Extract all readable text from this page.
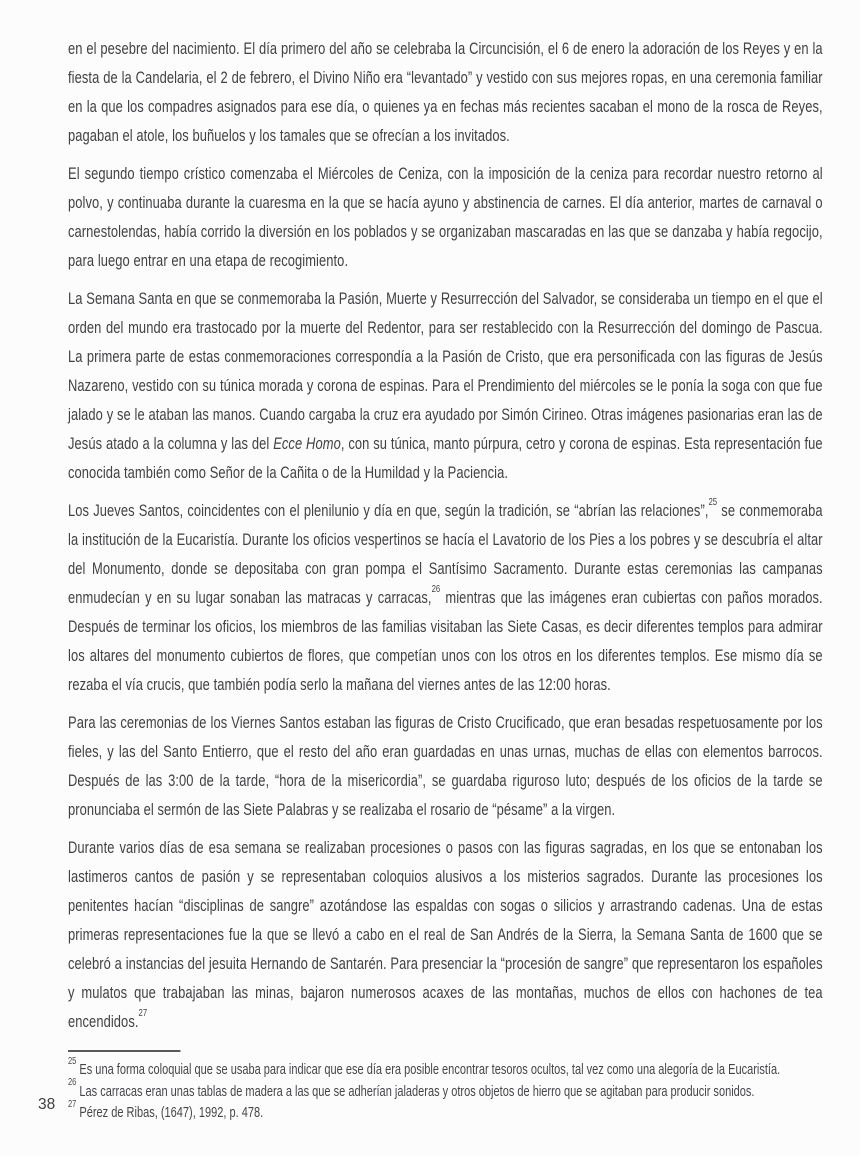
en el pesebre del nacimiento. El día primero del año se celebraba la Circuncisión, el 6 de enero la adoración de los Reyes y en la fiesta de la Candelaria, el 2 de febrero, el Divino Niño era “levantado” y vestido con sus mejores ropas, en una ceremonia familiar en la que los compadres asignados para ese día, o quienes ya en fechas más recientes sacaban el mono de la rosca de Reyes, pagaban el atole, los buñuelos y los tamales que se ofrecían a los invitados.

El segundo tiempo crístico comenzaba el Miércoles de Ceniza, con la imposición de la ceniza para recordar nuestro retorno al polvo, y continuaba durante la cuaresma en la que se hacía ayuno y abstinencia de carnes. El día anterior, martes de carnaval o carnestolendas, había corrido la diversión en los poblados y se organizaban mascaradas en las que se danzaba y había regocijo, para luego entrar en una etapa de recogimiento.

La Semana Santa en que se conmemoraba la Pasión, Muerte y Resurrección del Salvador, se consideraba un tiempo en el que el orden del mundo era trastocado por la muerte del Redentor, para ser restablecido con la Resurrección del domingo de Pascua. La primera parte de estas conmemoraciones correspondía a la Pasión de Cristo, que era personificada con las figuras de Jesús Nazareno, vestido con su túnica morada y corona de espinas. Para el Prendimiento del miércoles se le ponía la soga con que fue jalado y se le ataban las manos. Cuando cargaba la cruz era ayudado por Simón Cirineo. Otras imágenes pasionarias eran las de Jesús atado a la columna y las del Ecce Homo, con su túnica, manto púrpura, cetro y corona de espinas. Esta representación fue conocida también como Señor de la Cañita o de la Humildad y la Paciencia.

Los Jueves Santos, coincidentes con el plenilunio y día en que, según la tradición, se “abrían las relaciones”,$^{25}$ se conmemoraba la institución de la Eucaristía. Durante los oficios vespertinos se hacía el Lavatorio de los Pies a los pobres y se descubría el altar del Monumento, donde se depositaba con gran pompa el Santísimo Sacramento. Durante estas ceremonias las campanas enmudecían y en su lugar sonaban las matracas y carracas,$^{26}$ mientras que las imágenes eran cubiertas con paños morados. Después de terminar los oficios, los miembros de las familias visitaban las Siete Casas, es decir diferentes templos para admirar los altares del monumento cubiertos de flores, que competían unos con los otros en los diferentes templos. Ese mismo día se rezaba el vía crucis, que también podía serlo la mañana del viernes antes de las 12:00 horas.

Para las ceremonias de los Viernes Santos estaban las figuras de Cristo Crucificado, que eran besadas respetuosamente por los fieles, y las del Santo Entierro, que el resto del año eran guardadas en unas urnas, muchas de ellas con elementos barrocos. Después de las 3:00 de la tarde, “hora de la misericordia”, se guardaba riguroso luto; después de los oficios de la tarde se pronunciaba el sermón de las Siete Palabras y se realizaba el rosario de “pésame” a la virgen.

Durante varios días de esa semana se realizaban procesiones o pasos con las figuras sagradas, en los que se entonaban los lastimeros cantos de pasión y se representaban coloquios alusivos a los misterios sagrados. Durante las procesiones los penitentes hacían “disciplinas de sangre” azotándose las espaldas con sogas o silicios y arrastrando cadenas. Una de estas primeras representaciones fue la que se llevó a cabo en el real de San Andrés de la Sierra, la Semana Santa de 1600 que se celebró a instancias del jesuita Hernando de Santarén. Para presenciar la “procesión de sangre” que representaron los españoles y mulatos que trabajaban las minas, bajaron numerosos acaxes de las montañas, muchos de ellos con hachones de tea encendidos.$^{27}$

$^{25}$ Es una forma coloquial que se usaba para indicar que ese día era posible encontrar tesoros ocultos, tal vez como una alegoría de la Eucaristía.

$^{26}$ Las carracas eran unas tablas de madera a las que se adherían jaladeras y otros objetos de hierro que se agitaban para producir sonidos.

$^{27}$ Pérez de Ribas, (1647), 1992, p. 478.

38
